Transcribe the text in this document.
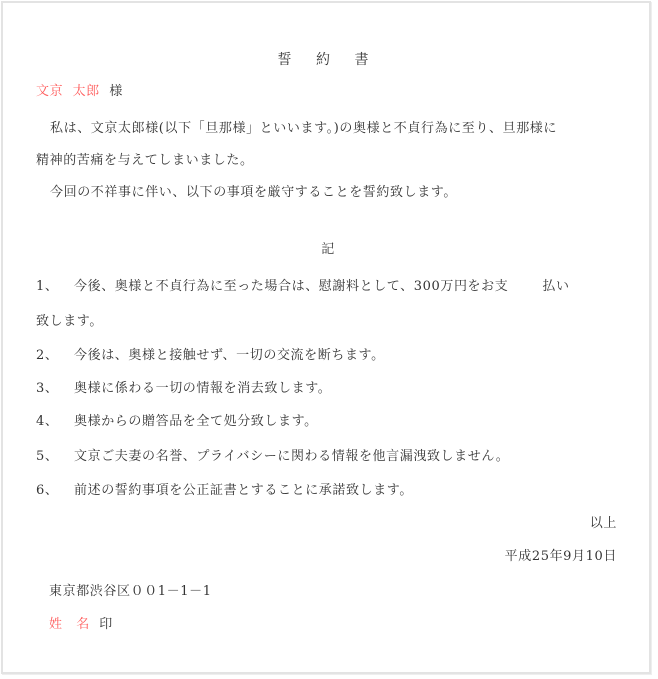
誓 約 書
文京 太郎 様
私は、文京太郎様(以下「旦那様」といいます。)の奥様と不貞行為に至り、旦那様に
精神的苦痛を与えてしまいました。
今回の不祥事に伴い、以下の事項を厳守することを誓約致します。
記
1、 今後、奥様と不貞行為に至った場合は、慰謝料として、300万円をお支	払い
致します。
2、 今後は、奥様と接触せず、一切の交流を断ちます。
3、 奥様に係わる一切の情報を消去致します。
4、 奥様からの贈答品を全て処分致します。
5、 文京ご夫妻の名誉、プライバシーに関わる情報を他言漏洩致しません。
6、 前述の誓約事項を公正証書とすることに承諾致します。
以上
平成25年9月10日
東京都渋谷区００1－1－1
姓　名 印
